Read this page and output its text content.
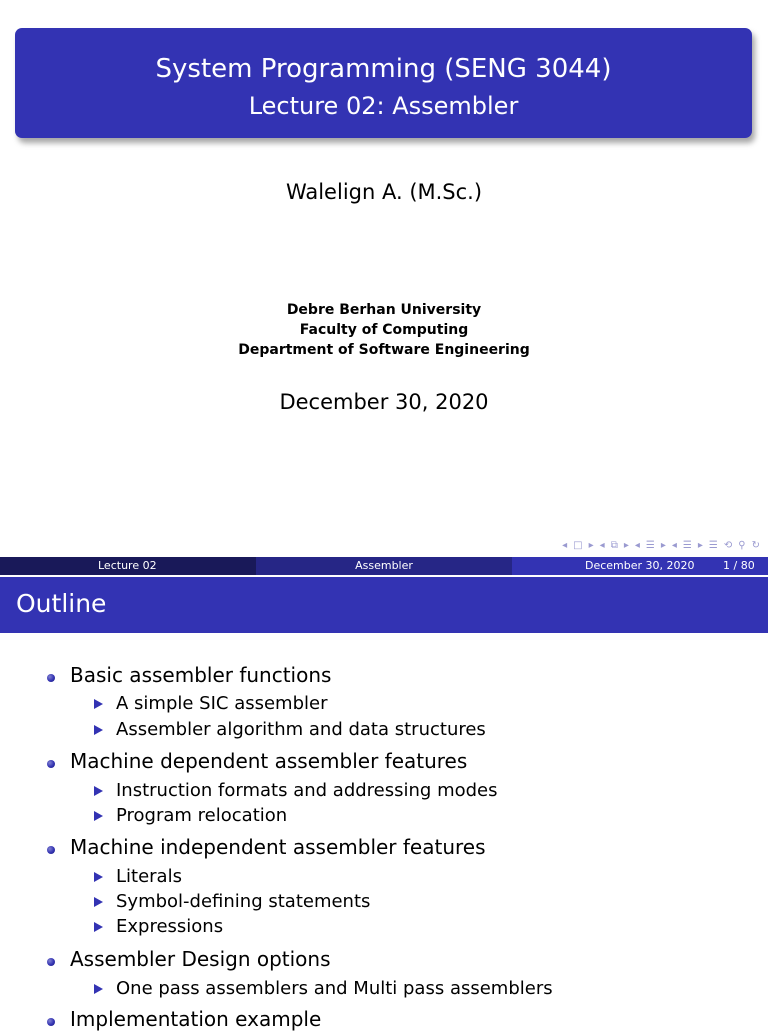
System Programming (SENG 3044)
Lecture 02: Assembler
Walelign A. (M.Sc.)
Debre Berhan University
Faculty of Computing
Department of Software Engineering
December 30, 2020
◂ □ ▸ ◂ ⧉ ▸ ◂ ☰ ▸ ◂ ☰ ▸ ☰ ⟲ ⚲ ↻
Lecture 02	Assembler	December 30, 2020	1 / 80
Outline
Basic assembler functions
A simple SIC assembler
Assembler algorithm and data structures
Machine dependent assembler features
Instruction formats and addressing modes
Program relocation
Machine independent assembler features
Literals
Symbol-defining statements
Expressions
Assembler Design options
One pass assemblers and Multi pass assemblers
Implementation example
